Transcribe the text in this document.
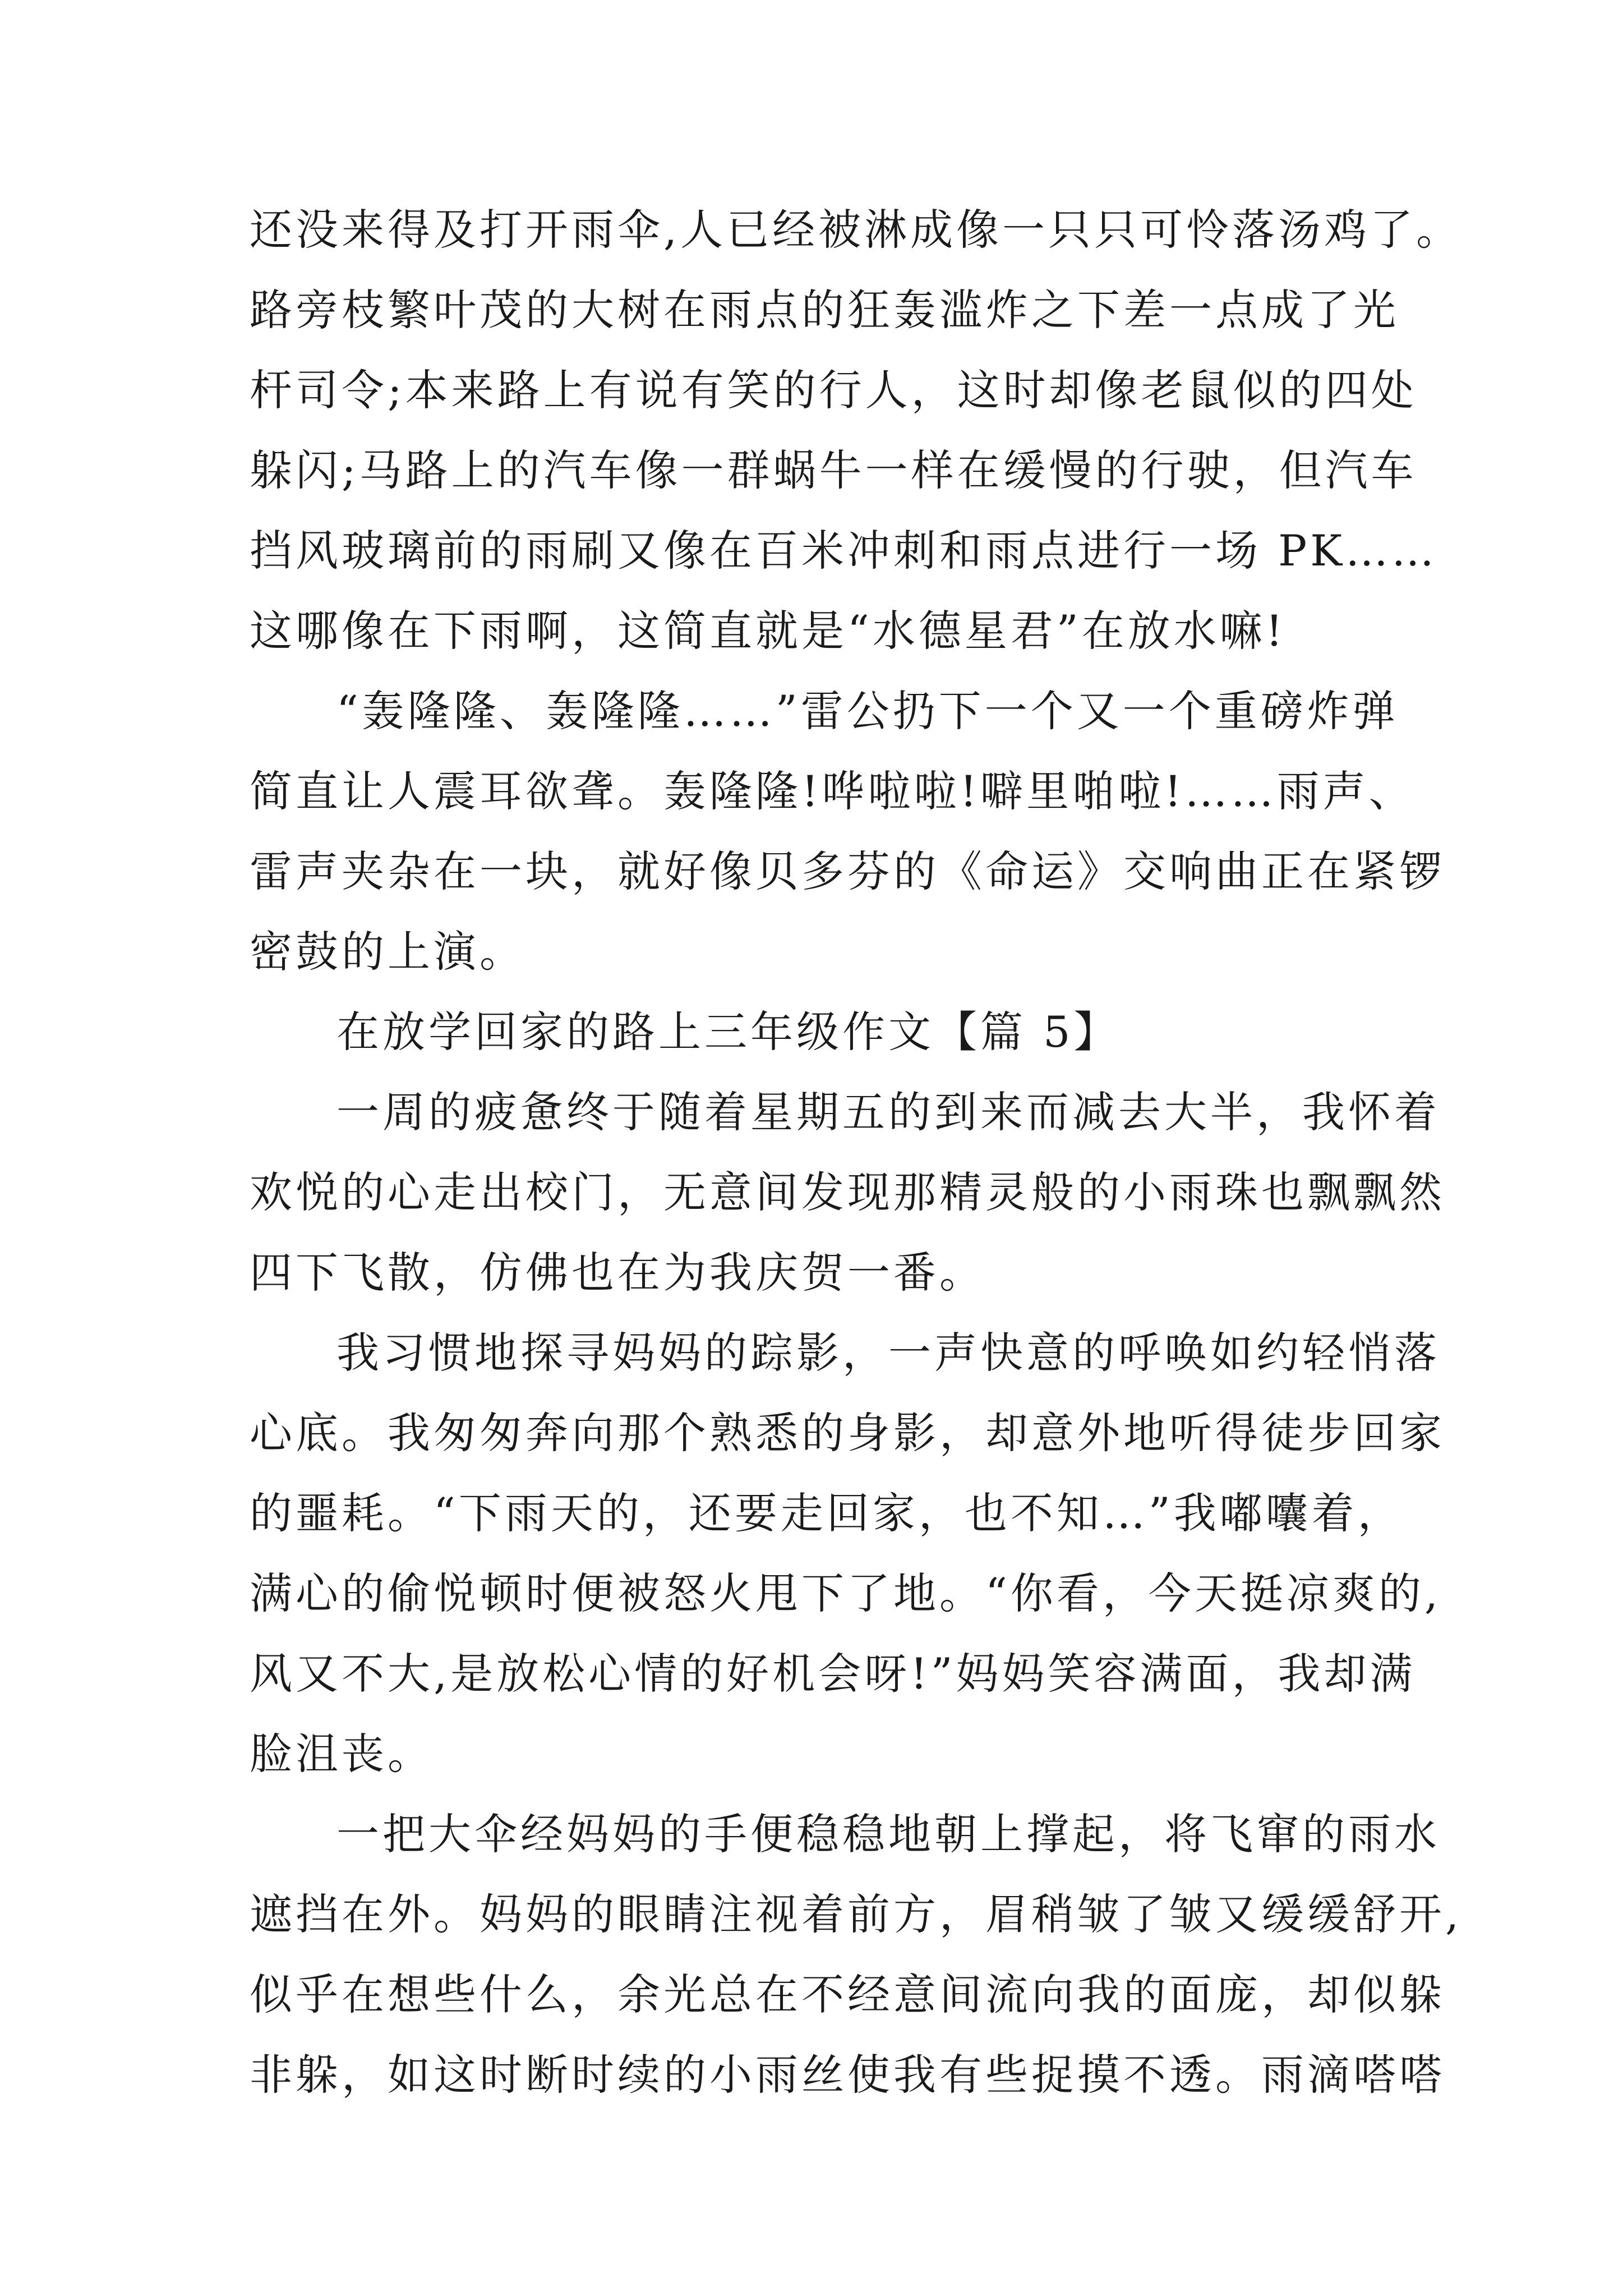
还没来得及打开雨伞,人已经被淋成像一只只可怜落汤鸡了。
路旁枝繁叶茂的大树在雨点的狂轰滥炸之下差一点成了光
杆司令;本来路上有说有笑的行人，这时却像老鼠似的四处
躲闪;马路上的汽车像一群蜗牛一样在缓慢的行驶，但汽车
挡风玻璃前的雨刷又像在百米冲刺和雨点进行一场 PK……
这哪像在下雨啊，这简直就是“水德星君”在放水嘛!
“轰隆隆、轰隆隆……”雷公扔下一个又一个重磅炸弹
简直让人震耳欲聋。轰隆隆!哗啦啦!噼里啪啦!……雨声、
雷声夹杂在一块，就好像贝多芬的《命运》交响曲正在紧锣
密鼓的上演。
在放学回家的路上三年级作文【篇 5】
一周的疲惫终于随着星期五的到来而减去大半，我怀着
欢悦的心走出校门，无意间发现那精灵般的小雨珠也飘飘然
四下飞散，仿佛也在为我庆贺一番。
我习惯地探寻妈妈的踪影，一声快意的呼唤如约轻悄落
心底。我匆匆奔向那个熟悉的身影，却意外地听得徒步回家
的噩耗。“下雨天的，还要走回家，也不知…”我嘟囔着，
满心的偷悦顿时便被怒火甩下了地。“你看，今天挺凉爽的,
风又不大,是放松心情的好机会呀!”妈妈笑容满面，我却满
脸沮丧。
一把大伞经妈妈的手便稳稳地朝上撑起，将飞窜的雨水
遮挡在外。妈妈的眼睛注视着前方，眉稍皱了皱又缓缓舒开,
似乎在想些什么，余光总在不经意间流向我的面庞，却似躲
非躲，如这时断时续的小雨丝使我有些捉摸不透。雨滴嗒嗒
